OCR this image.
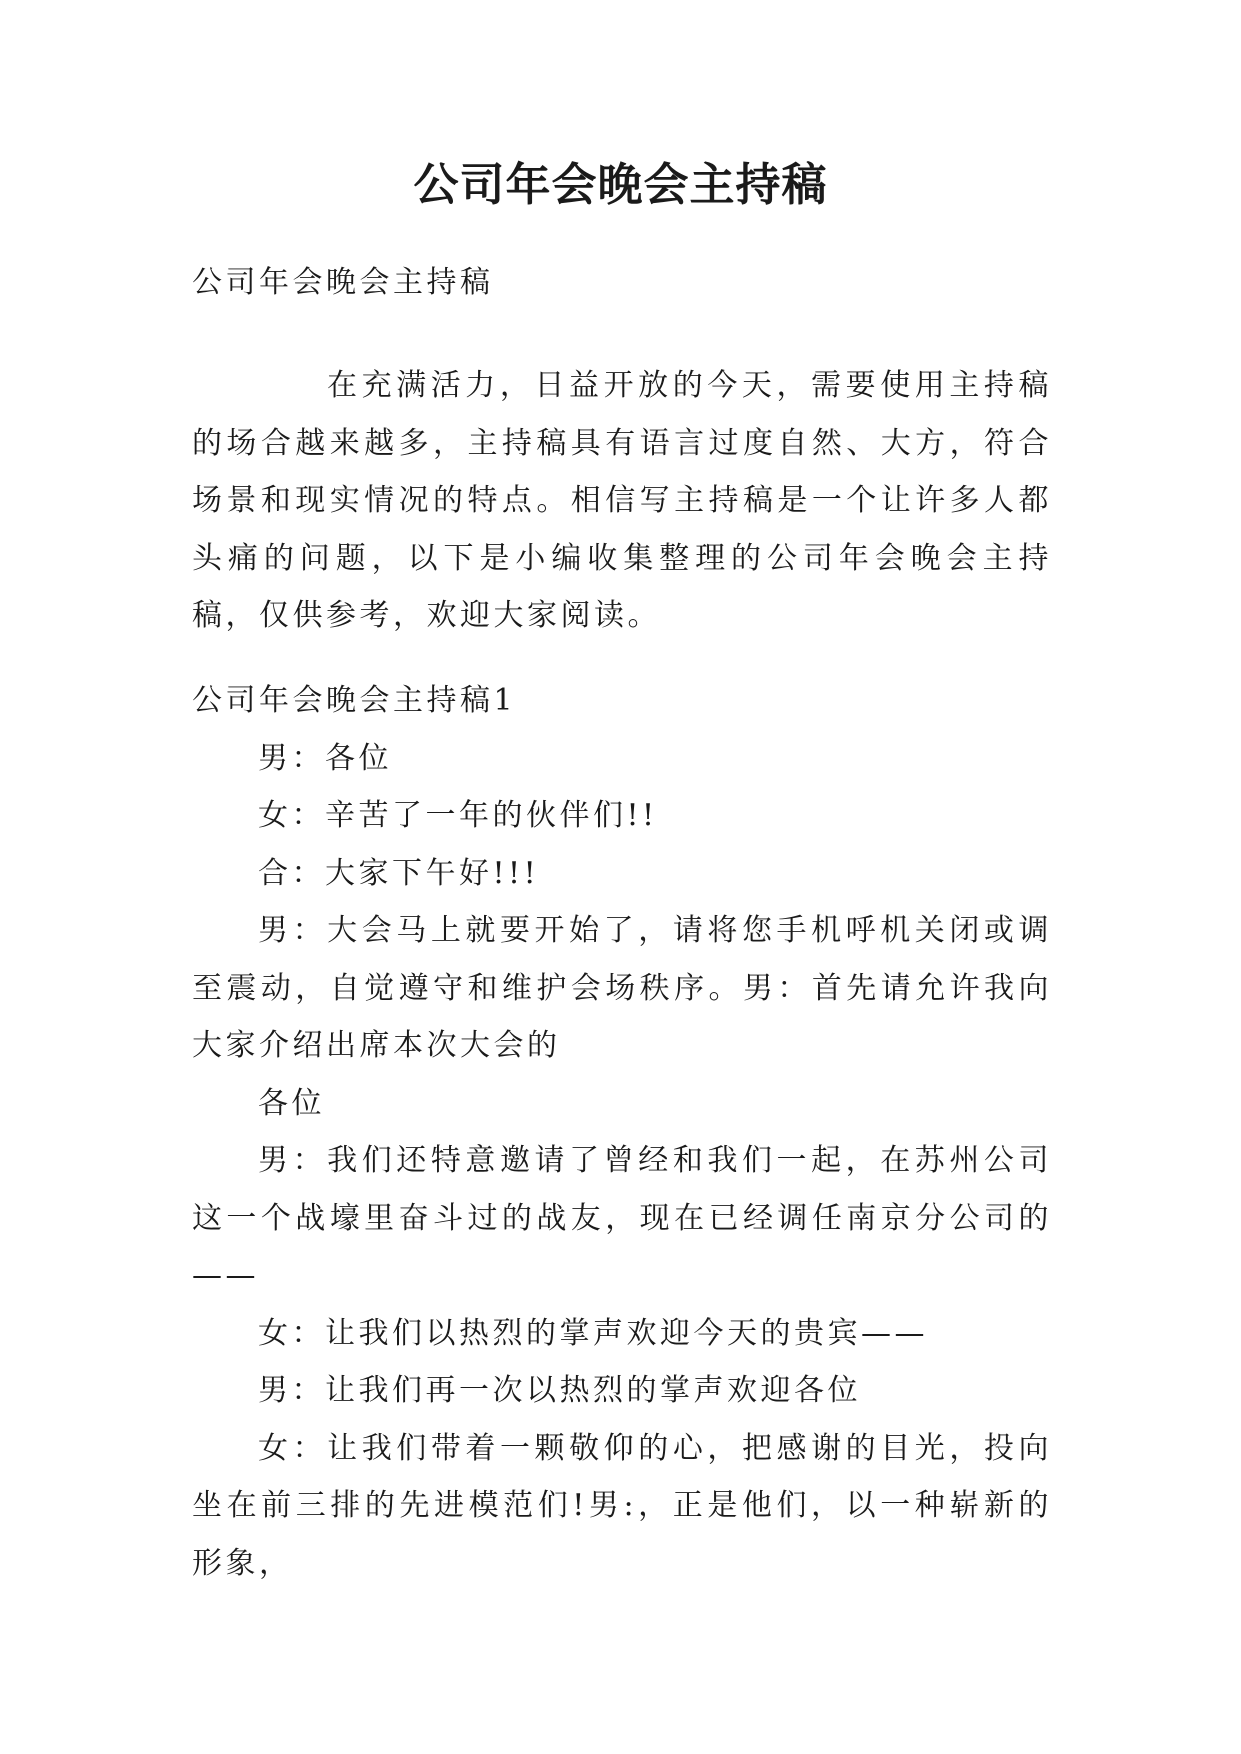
公司年会晚会主持稿

公司年会晚会主持稿

在充满活力，日益开放的今天，需要使用主持稿的场合越来越多，主持稿具有语言过度自然、大方，符合场景和现实情况的特点。相信写主持稿是一个让许多人都头痛的问题，以下是小编收集整理的公司年会晚会主持稿，仅供参考，欢迎大家阅读。

公司年会晚会主持稿1

男：各位

女：辛苦了一年的伙伴们!!

合：大家下午好!!!

男：大会马上就要开始了，请将您手机呼机关闭或调至震动，自觉遵守和维护会场秩序。男：首先请允许我向大家介绍出席本次大会的

各位

男：我们还特意邀请了曾经和我们一起，在苏州公司这一个战壕里奋斗过的战友，现在已经调任南京分公司的——

女：让我们以热烈的掌声欢迎今天的贵宾——

男：让我们再一次以热烈的掌声欢迎各位

女：让我们带着一颗敬仰的心，把感谢的目光，投向坐在前三排的先进模范们!男:，正是他们，以一种崭新的形象，
